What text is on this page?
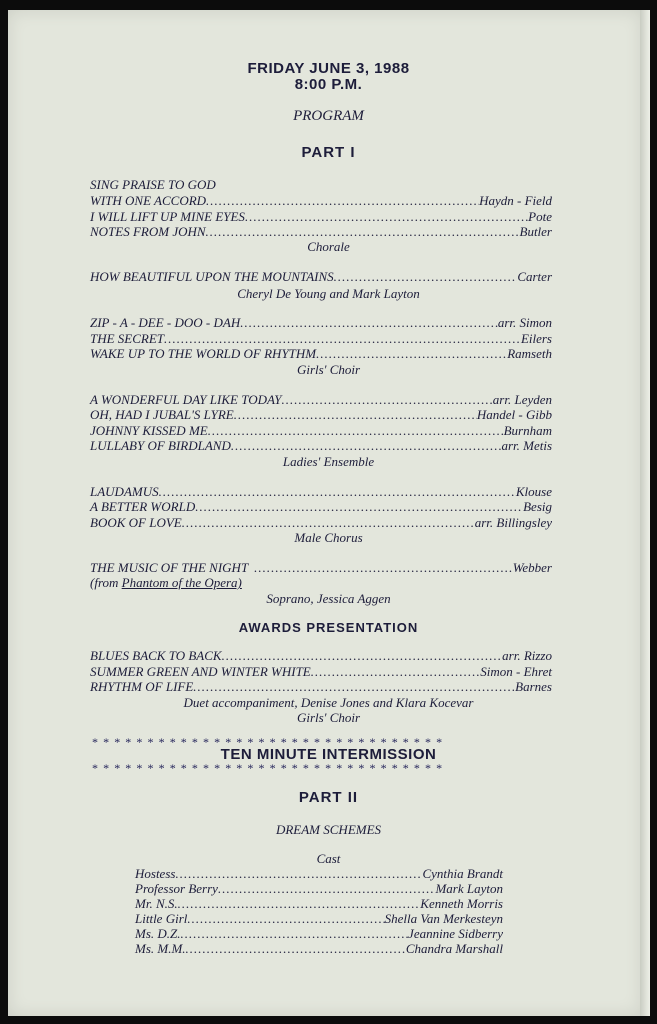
FRIDAY JUNE 3, 1988
8:00 P.M.
PROGRAM
PART I
SING PRAISE TO GOD
WITH ONE ACCORD .....	Haydn - Field
I WILL LIFT UP MINE EYES .....	Pote
NOTES FROM JOHN .....	Butler
Chorale
HOW BEAUTIFUL UPON THE MOUNTAINS .....	Carter
Cheryl De Young and Mark Layton
ZIP - A - DEE - DOO - DAH .....	arr. Simon
THE SECRET .....	Eilers
WAKE UP TO THE WORLD OF RHYTHM .....	Ramseth
Girls' Choir
A WONDERFUL DAY LIKE TODAY .....	arr. Leyden
OH, HAD I JUBAL'S LYRE .....	Handel - Gibb
JOHNNY KISSED ME .....	Burnham
LULLABY OF BIRDLAND .....	arr. Metis
Ladies' Ensemble
LAUDAMUS .....	Klouse
A BETTER WORLD .....	Besig
BOOK OF LOVE .....	arr. Billingsley
Male Chorus
THE MUSIC OF THE NIGHT .....	Webber
(from Phantom of the Opera)
Soprano, Jessica Aggen
AWARDS PRESENTATION
BLUES BACK TO BACK .....	arr. Rizzo
SUMMER GREEN AND WINTER WHITE .....	Simon - Ehret
RHYTHM OF LIFE .....	Barnes
Duet accompaniment, Denise Jones and Klara Kocevar
Girls' Choir
********************************
TEN MINUTE INTERMISSION
********************************
PART II
DREAM SCHEMES
Cast
Hostess .....	Cynthia Brandt
Professor Berry .....	Mark Layton
Mr. N.S. .....	Kenneth Morris
Little Girl .....	Shella Van Merkesteyn
Ms. D.Z. .....	Jeannine Sidberry
Ms. M.M. .....	Chandra Marshall
